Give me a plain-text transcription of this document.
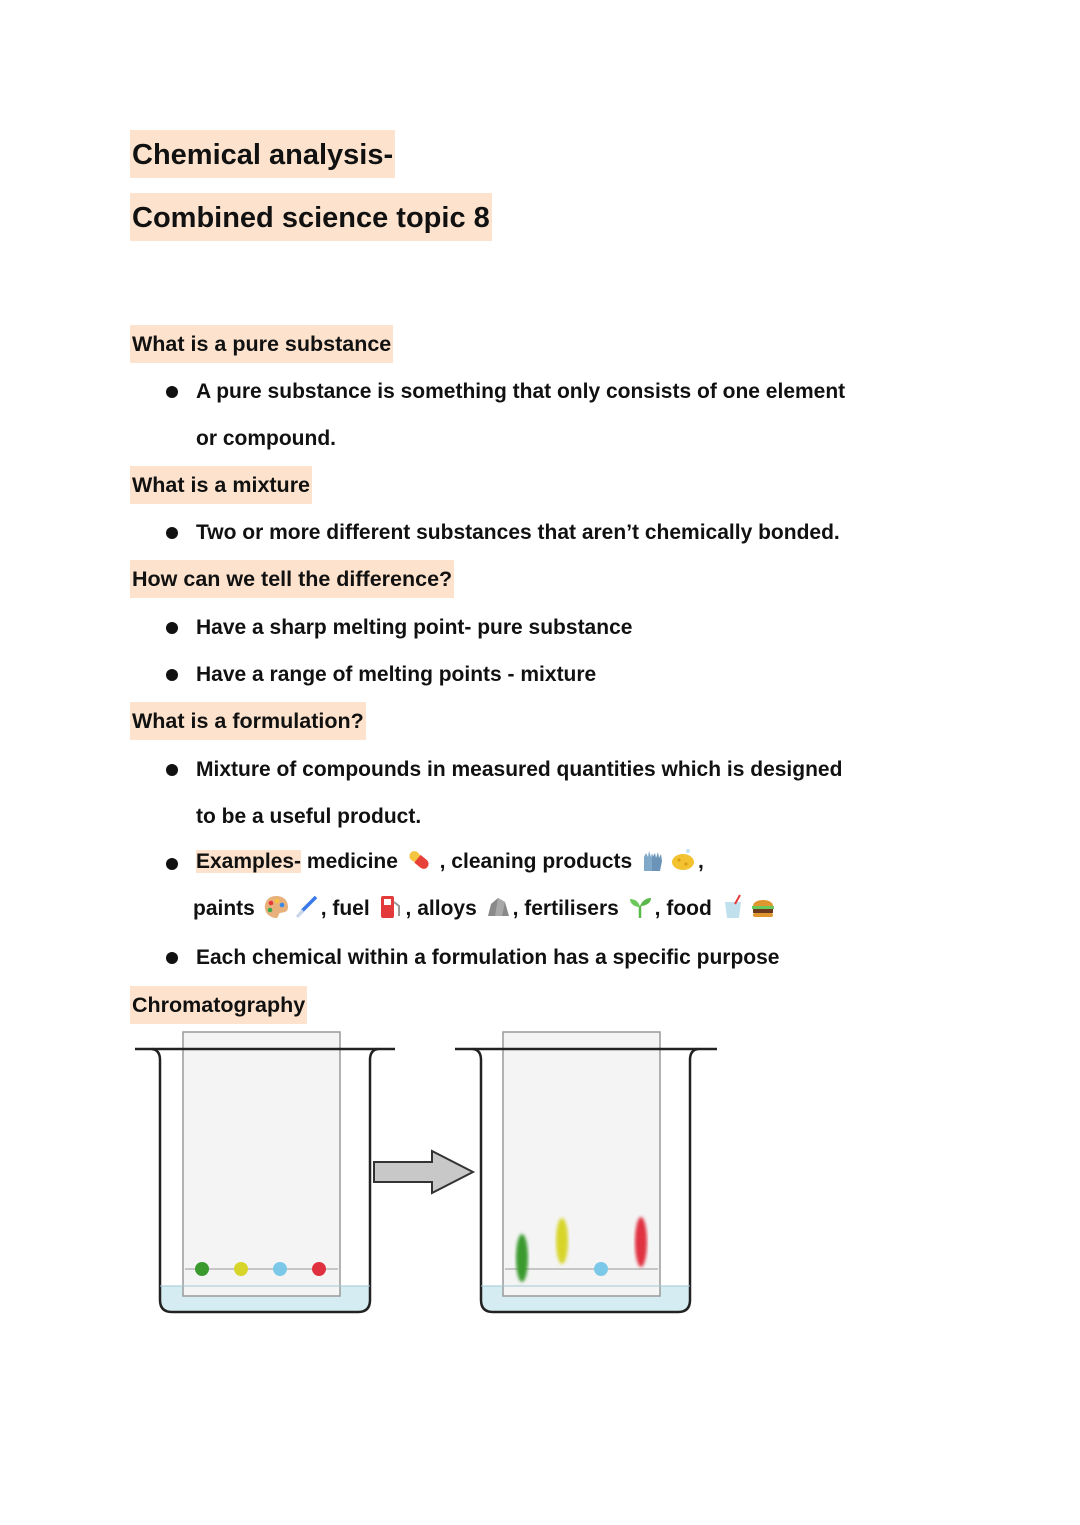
Chemical analysis-
Combined science topic 8
What is a pure substance
A pure substance is something that only consists of one element
or compound.
What is a mixture
Two or more different substances that aren’t chemically bonded.
How can we tell the difference?
Have a sharp melting point- pure substance
Have a range of melting points - mixture
What is a formulation?
Mixture of compounds in measured quantities which is designed
to be a useful product.
Examples- medicine , cleaning products	,
paints	, fuel , alloys , fertilisers , food
Each chemical within a formulation has a specific purpose
Chromatography
